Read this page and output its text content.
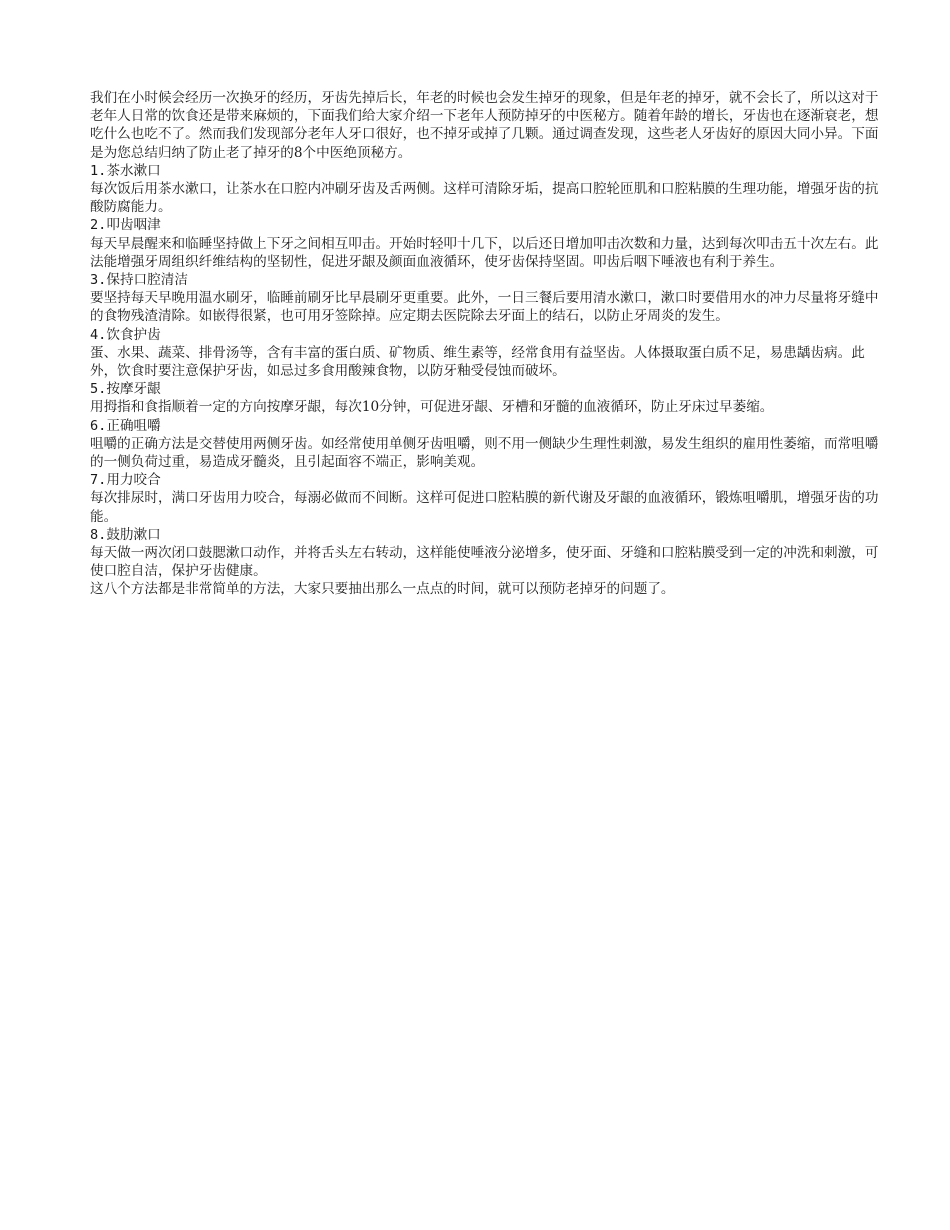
我们在小时候会经历一次换牙的经历，牙齿先掉后长，年老的时候也会发生掉牙的现象，但是年老的掉牙，就不会长了，所以这对于老年人日常的饮食还是带来麻烦的，下面我们给大家介绍一下老年人预防掉牙的中医秘方。随着年龄的增长，牙齿也在逐渐衰老，想吃什么也吃不了。然而我们发现部分老年人牙口很好，也不掉牙或掉了几颗。通过调查发现，这些老人牙齿好的原因大同小异。下面是为您总结归纳了防止老了掉牙的8个中医绝顶秘方。

1.茶水漱口

每次饭后用茶水漱口，让茶水在口腔内冲刷牙齿及舌两侧。这样可清除牙垢，提高口腔轮匝肌和口腔粘膜的生理功能，增强牙齿的抗酸防腐能力。

2.叩齿咽津

每天早晨醒来和临睡坚持做上下牙之间相互叩击。开始时轻叩十几下，以后还日增加叩击次数和力量，达到每次叩击五十次左右。此法能增强牙周组织纤维结构的坚韧性，促进牙龈及颜面血液循环，使牙齿保持坚固。叩齿后咽下唾液也有利于养生。

3.保持口腔清洁

要坚持每天早晚用温水刷牙，临睡前刷牙比早晨刷牙更重要。此外，一日三餐后要用清水漱口，漱口时要借用水的冲力尽量将牙缝中的食物残渣清除。如嵌得很紧，也可用牙签除掉。应定期去医院除去牙面上的结石，以防止牙周炎的发生。

4.饮食护齿

蛋、水果、蔬菜、排骨汤等，含有丰富的蛋白质、矿物质、维生素等，经常食用有益坚齿。人体摄取蛋白质不足，易患龋齿病。此外，饮食时要注意保护牙齿，如忌过多食用酸辣食物，以防牙釉受侵蚀而破坏。

5.按摩牙龈

用拇指和食指顺着一定的方向按摩牙龈，每次10分钟，可促进牙龈、牙槽和牙髓的血液循环，防止牙床过早萎缩。

6.正确咀嚼

咀嚼的正确方法是交替使用两侧牙齿。如经常使用单侧牙齿咀嚼，则不用一侧缺少生理性刺激，易发生组织的雇用性萎缩，而常咀嚼的一侧负荷过重，易造成牙髓炎，且引起面容不端正，影响美观。

7.用力咬合

每次排尿时，满口牙齿用力咬合，每溺必做而不间断。这样可促进口腔粘膜的新代谢及牙龈的血液循环，锻炼咀嚼肌，增强牙齿的功能。

8.鼓肋漱口

每天做一两次闭口鼓腮漱口动作，并将舌头左右转动，这样能使唾液分泌增多，使牙面、牙缝和口腔粘膜受到一定的冲洗和刺激，可使口腔自洁，保护牙齿健康。

这八个方法都是非常简单的方法，大家只要抽出那么一点点的时间，就可以预防老掉牙的问题了。
